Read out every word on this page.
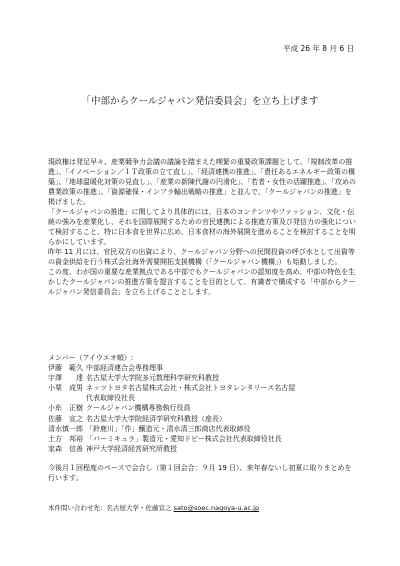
平成 26 年 8 月 6 日
「中部からクールジャパン発信委員会」を立ち上げます

現政権は発足早々、産業競争力会議の議論を踏まえた喫緊の重要政策課題として、「規制改革の推進」、「イノベーション／ＩＴ政策の立て直し」、「経済連携の推進」、「責任あるエネルギー政策の構築」、「地球温暖化対策の見直し」、「産業の新陳代謝の円滑化」、「若者・女性の活躍推進」、「攻めの農業政策の推進」、「資源確保・インフラ輸出戦略の推進」と並んで、「クールジャパンの推進」を掲げました。

「クールジャパンの推進」に関してより具体的には、日本のコンテンツやファッション、文化・伝統の強みを産業化し、それを国際展開するための官民連携による推進方策及び発信力の強化について検討すること、特に日本食を世界に広め、日本食材の海外展開を進めることを検討することを明らかにしています。

昨年 11 月には、官民双方の出資により、クールジャパン分野への民間投資の呼び水として出資等の資金供給を行う株式会社海外需要開拓支援機構（「クールジャパン機構」）も始動しました。

この度、わが国の重要な産業拠点である中部でもクールジャパンの認知度を高め、中部の特色を生かしたクールジャパンの推進方策を提言することを目的として、有識者で構成する「中部からクールジャパン発信委員会」を立ち上げることとします。

メンバー（アイウエオ順）:

伊藤　範久 中部経済連合会専務理事
宇澤　　達 名古屋大学大学院多元数理科学研究科教授
小栗　成男 ネッツトヨタ名古屋株式会社・株式会社トヨタレンタリース名古屋
代表取締役社長
小糸　正樹 クールジャパン機構専務執行役員
佐藤　宣之 名古屋大学大学院経済学研究科教授（座長）
清水慎一郎 「鈴鹿川」「作」醸造元・清水清三郎商店代表取締役
土方　邦裕 「バーミキュラ」製造元・愛知ドビー株式会社代表取締役社長
家森　信善 神戸大学経済経営研究所教授

今後月１回程度のペースで会合し（第１回会合：９月 19 日）、来年春ないし初夏に取りまとめを行います。

本件問い合わせ先：名古屋大学・佐藤宣之 sato@soec.nagoya-u.ac.jp
